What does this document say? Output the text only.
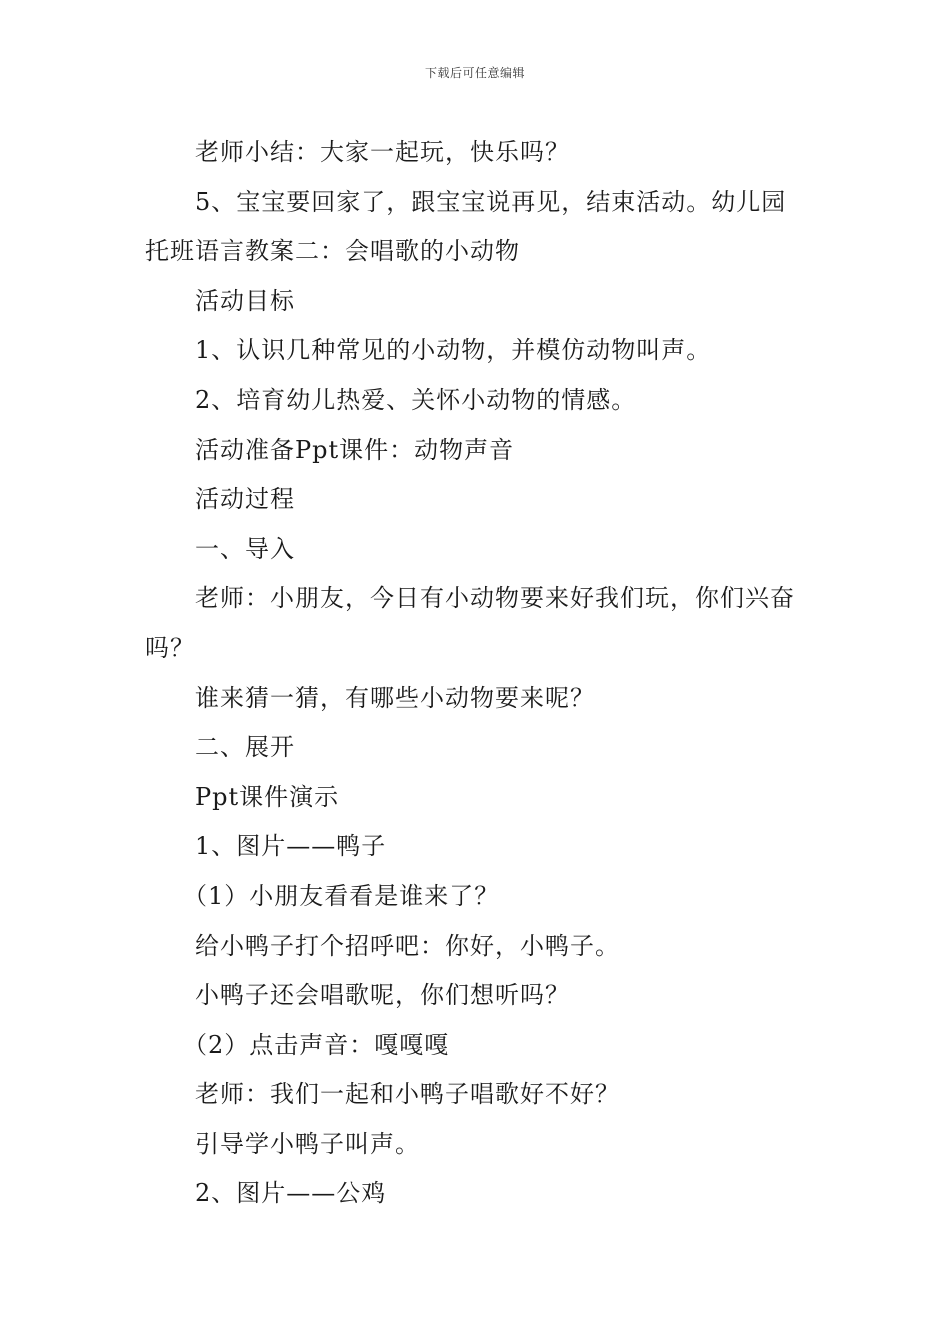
下载后可任意编辑

老师小结：大家一起玩，快乐吗？

5、宝宝要回家了，跟宝宝说再见，结束活动。幼儿园托班语言教案二：会唱歌的小动物

活动目标

1、认识几种常见的小动物，并模仿动物叫声。

2、培育幼儿热爱、关怀小动物的情感。

活动准备Ppt课件：动物声音

活动过程

一、导入

老师：小朋友，今日有小动物要来好我们玩，你们兴奋吗？

谁来猜一猜，有哪些小动物要来呢？

二、展开

Ppt课件演示

1、图片——鸭子

（1）小朋友看看是谁来了？

给小鸭子打个招呼吧：你好，小鸭子。

小鸭子还会唱歌呢，你们想听吗？

（2）点击声音：嘎嘎嘎

老师：我们一起和小鸭子唱歌好不好？

引导学小鸭子叫声。

2、图片——公鸡
